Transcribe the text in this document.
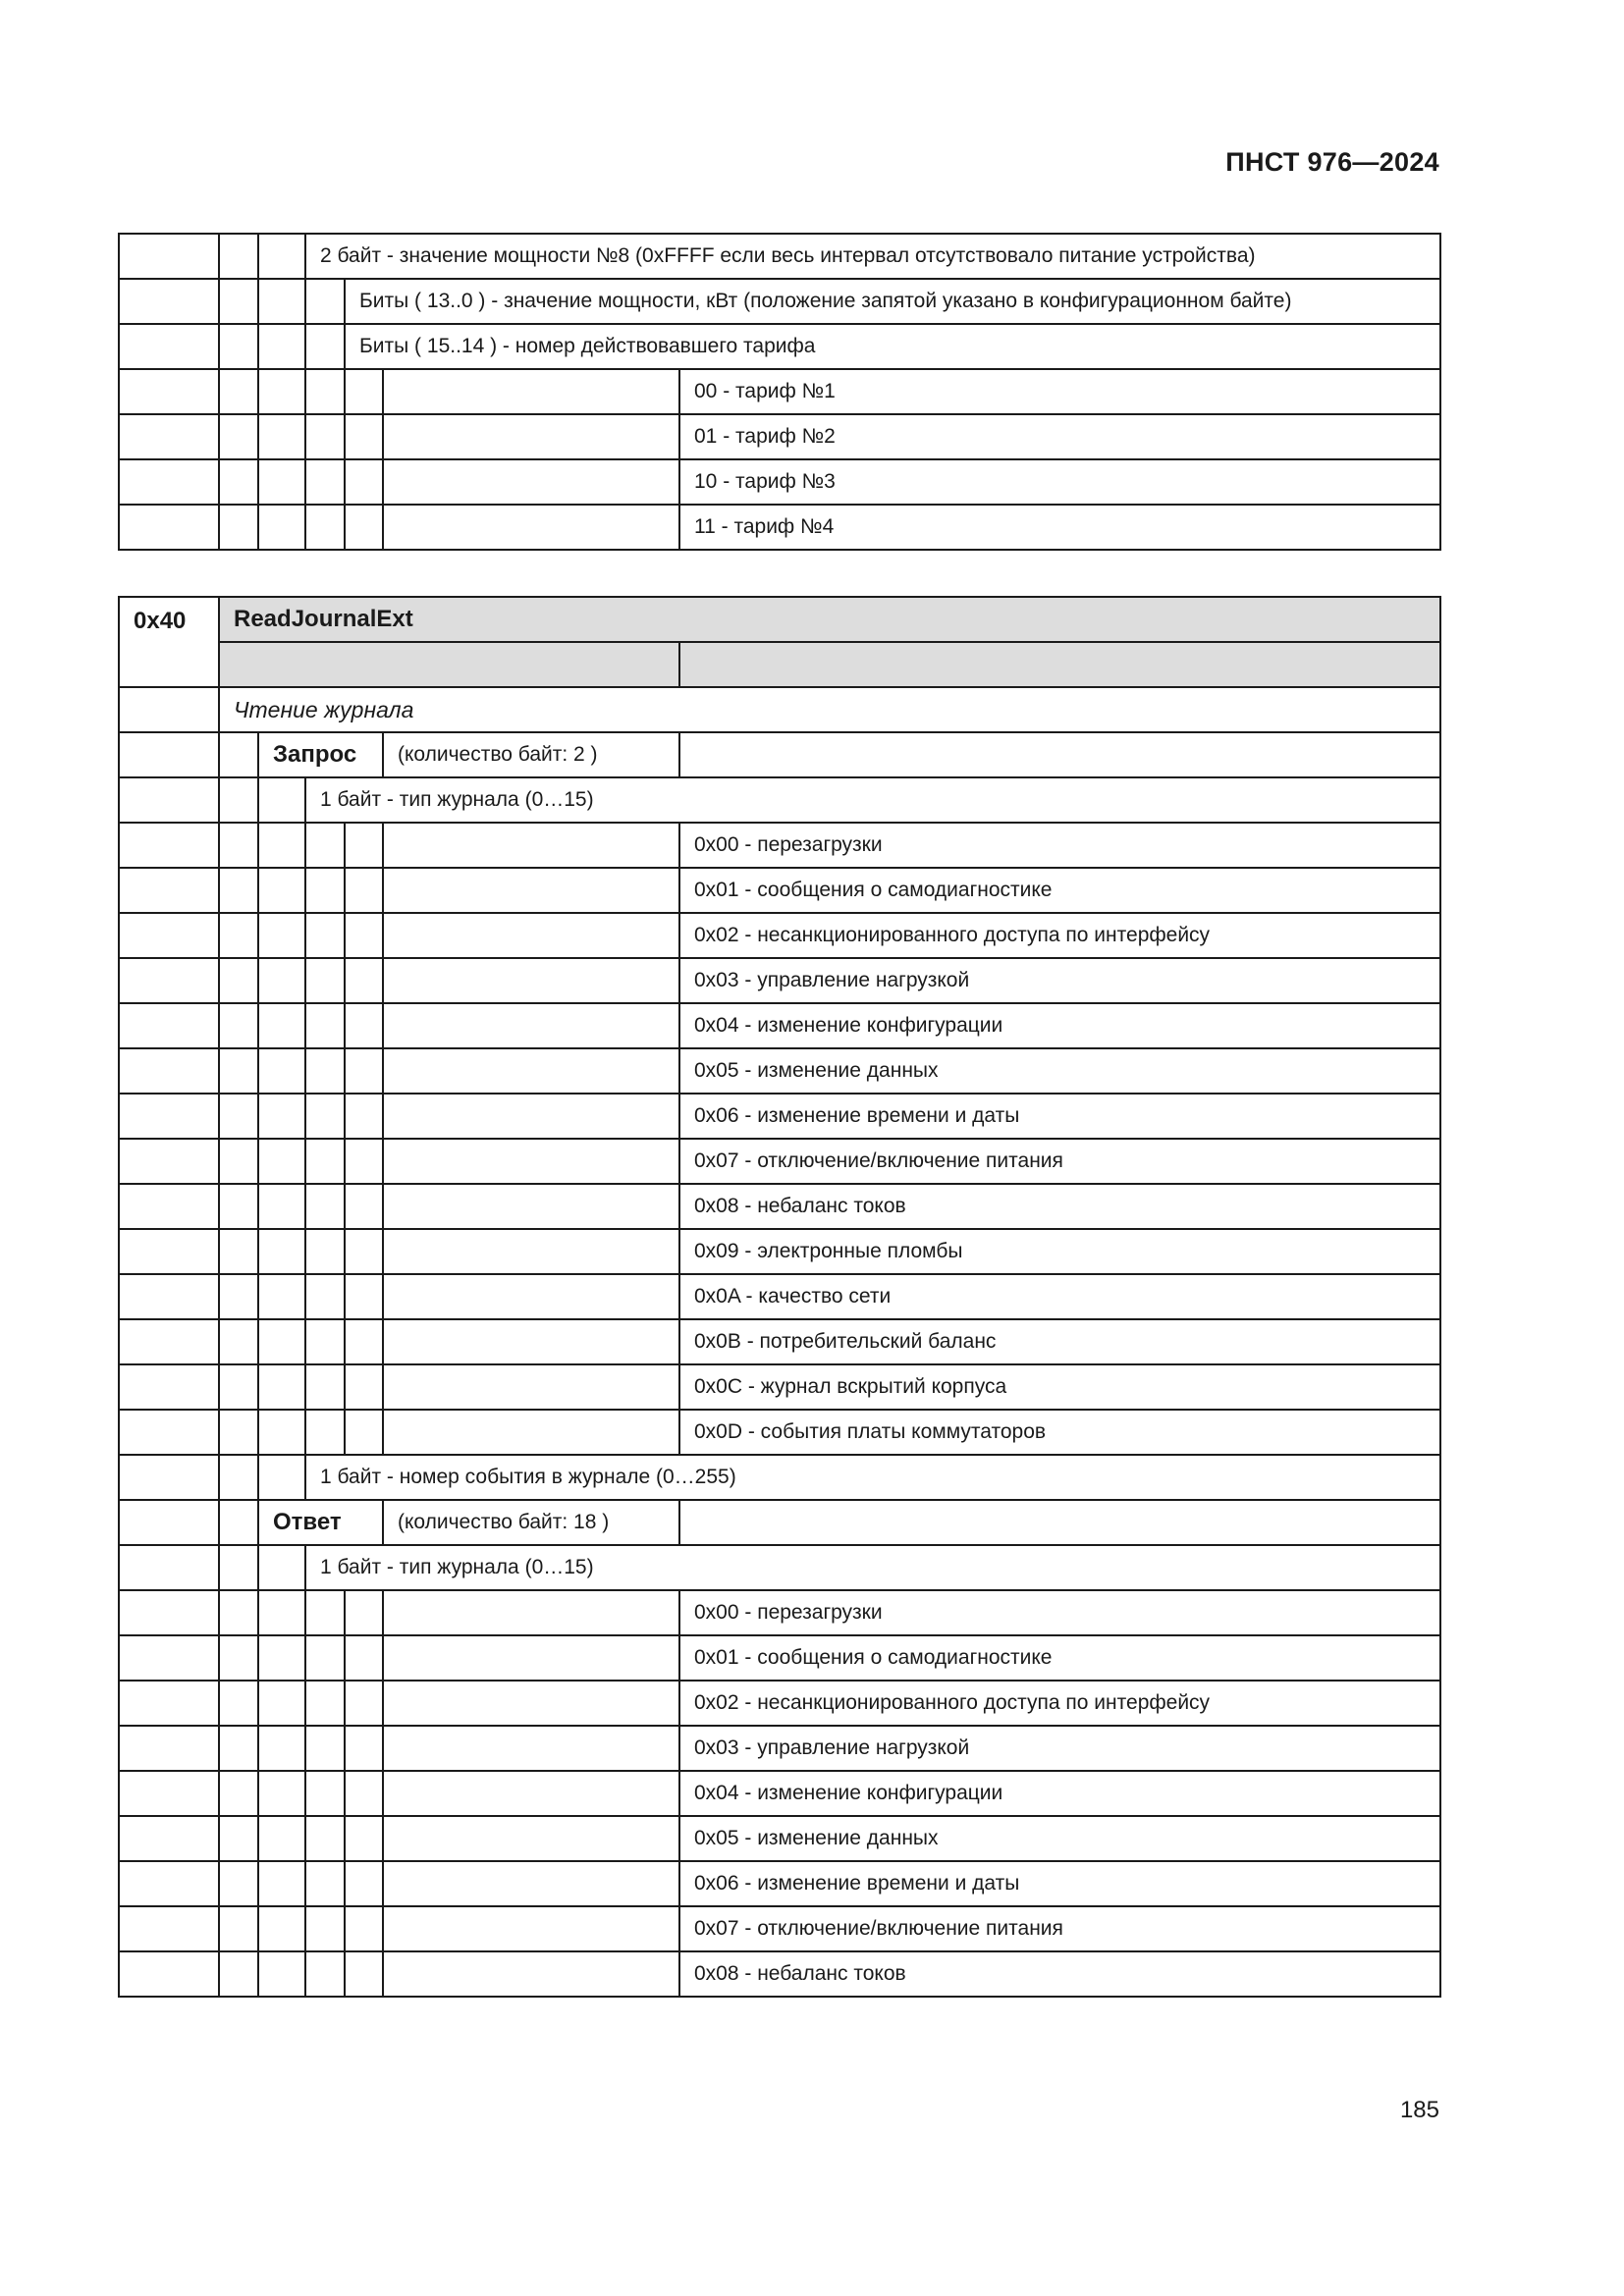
ПНСТ 976—2024
			2 байт - значение мощности №8 (0xFFFF если весь интервал отсутствовало питание устройства)			
				Биты ( 13..0 ) - значение мощности, кВт (положение запятой указано в конфигурационном байте)		
				Биты ( 15..14 ) - номер действовавшего тарифа		
						00 - тариф №1
						01 - тариф №2
						10 - тариф №3
						11 - тариф №4
0x40	ReadJournalExt					

	Чтение журнала					
		Запрос			(количество байт: 2 )	
			1 байт - тип журнала (0…15)			
						0x00 - перезагрузки
						0x01 - сообщения о самодиагностике
						0x02 - несанкционированного доступа по интерфейсу
						0x03 - управление нагрузкой
						0x04 - изменение конфигурации
						0x05 - изменение данных
						0x06 - изменение времени и даты
						0x07 - отключение/включение питания
						0x08 - небаланс токов
						0x09 - электронные пломбы
						0x0A - качество сети
						0x0B - потребительский баланс
						0x0C - журнал вскрытий корпуса
						0x0D - события платы коммутаторов
			1 байт - номер события в журнале (0…255)			
		Ответ			(количество байт: 18 )	
			1 байт - тип журнала (0…15)			
						0x00 - перезагрузки
						0x01 - сообщения о самодиагностике
						0x02 - несанкционированного доступа по интерфейсу
						0x03 - управление нагрузкой
						0x04 - изменение конфигурации
						0x05 - изменение данных
						0x06 - изменение времени и даты
						0x07 - отключение/включение питания
						0x08 - небаланс токов
185
